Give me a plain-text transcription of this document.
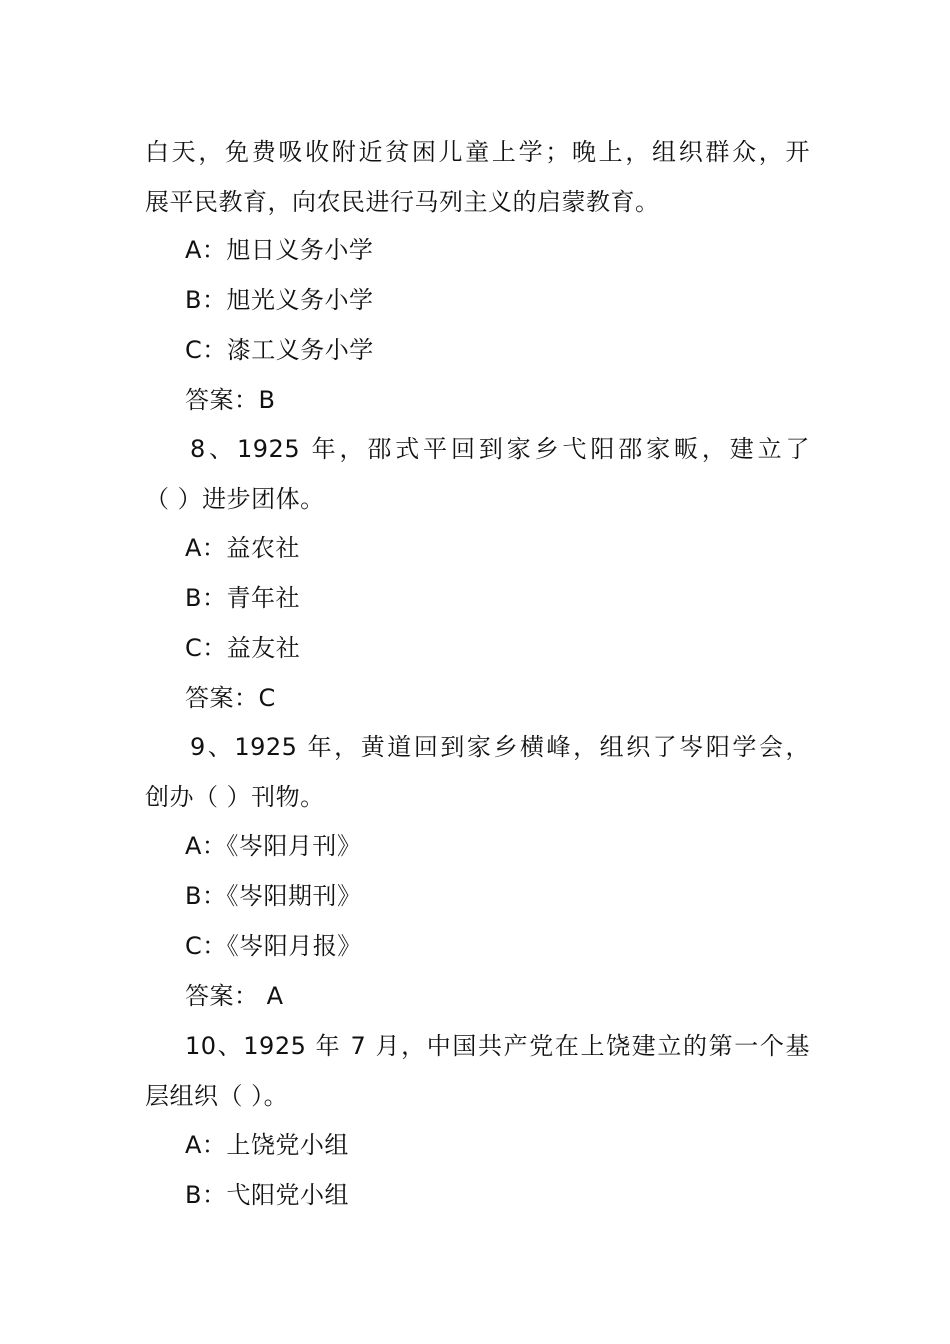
白天，免费吸收附近贫困儿童上学；晚上，组织群众，开
展平民教育，向农民进行马列主义的启蒙教育。
A：旭日义务小学
B：旭光义务小学
C：漆工义务小学
答案：B
8、1925 年，邵式平回到家乡弋阳邵家畈，建立了
（ ）进步团体。
A：益农社
B：青年社
C：益友社
答案：C
9、1925 年，黄道回到家乡横峰，组织了岑阳学会，
创办（ ）刊物。
A：《岑阳月刊》
B：《岑阳期刊》
C：《岑阳月报》
答案： A
10、1925 年 7 月，中国共产党在上饶建立的第一个基
层组织（ ）。
A：上饶党小组
B：弋阳党小组
